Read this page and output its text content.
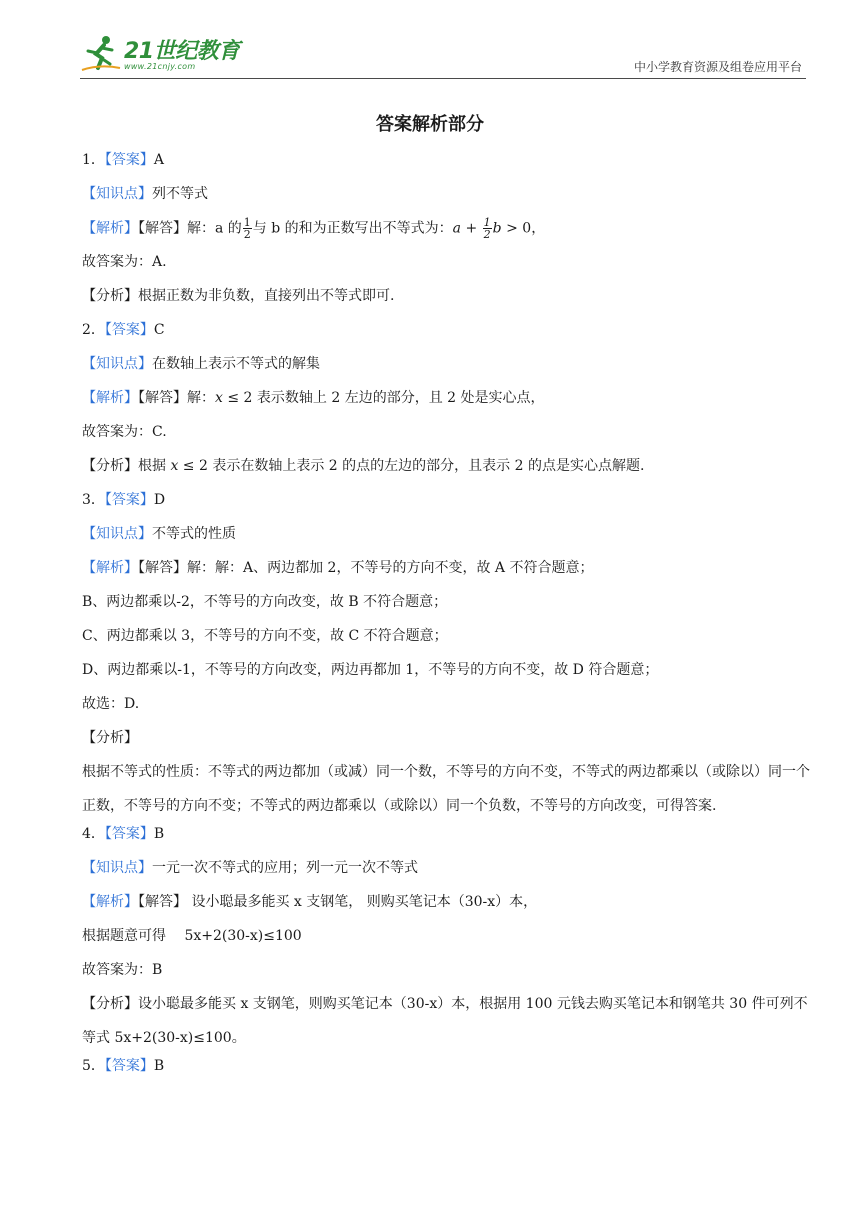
21世纪教育
www.21cnjy.com	中小学教育资源及组卷应用平台
答案解析部分
1．【答案】A
【知识点】列不等式
【解析】【解答】解：a 的 $\frac{1}{2}$ 与 b 的和为正数写出不等式为：$a + \frac{1}{2}$ b > 0，
故答案为：A.
【分析】根据正数为非负数，直接列出不等式即可.
2．【答案】C
【知识点】在数轴上表示不等式的解集
【解析】【解答】解：x ≤ 2 表示数轴上 2 左边的部分，且 2 处是实心点，
故答案为：C.
【分析】根据 x ≤ 2 表示在数轴上表示 2 的点的左边的部分，且表示 2 的点是实心点解题.
3．【答案】D
【知识点】不等式的性质
【解析】【解答】解：解：A、两边都加 2，不等号的方向不变，故 A 不符合题意；
B、两边都乘以-2，不等号的方向改变，故 B 不符合题意；
C、两边都乘以 3，不等号的方向不变，故 C 不符合题意；
D、两边都乘以-1，不等号的方向改变，两边再都加 1，不等号的方向不变，故 D 符合题意；
故选：D.
【分析】
根据不等式的性质：不等式的两边都加（或减）同一个数，不等号的方向不变，不等式的两边都乘以（或除以）同一个正数，不等号的方向不变；不等式的两边都乘以（或除以）同一个负数，不等号的方向改变，可得答案.
4．【答案】B
【知识点】一元一次不等式的应用；列一元一次不等式
【解析】【解答】 设小聪最多能买 x 支钢笔， 则购买笔记本（30-x）本，
根据题意可得　 5x+2(30-x)≤100
故答案为：B
【分析】设小聪最多能买 x 支钢笔，则购买笔记本（30-x）本，根据用 100 元钱去购买笔记本和钢笔共 30 件可列不等式 5x+2(30-x)≤100。
5．【答案】B
